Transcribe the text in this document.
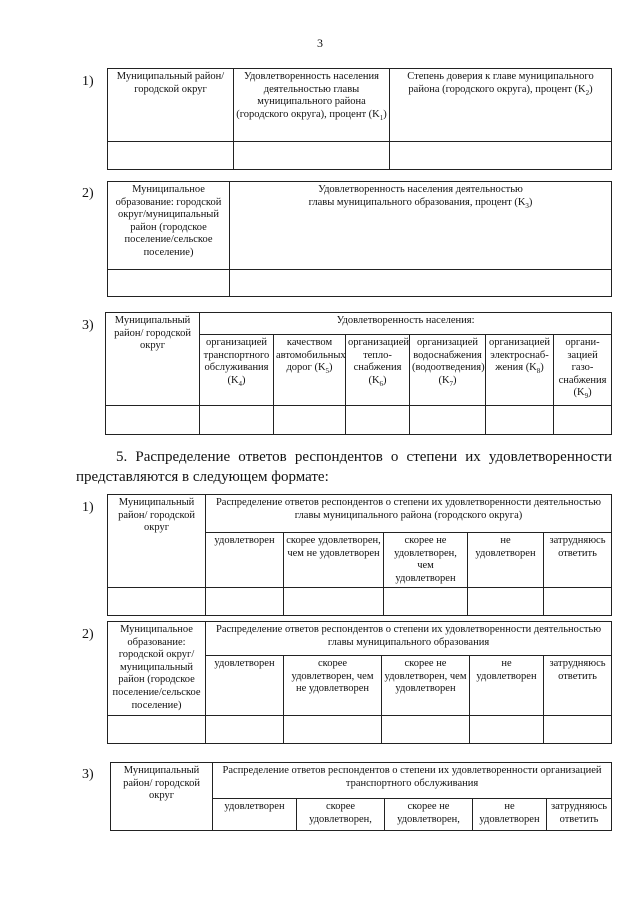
3
1) Муниципальный район/ городской округ	Удовлетворенность населения деятельностью главы муниципального района (городского округа), процент $(K_1)$	Степень доверия к главе муниципального района (городского округа), процент $(K_2)$

2)	Муниципальное образование: городской округ/муниципальный район (городское поселение/сельское поселение)	Удовлетворенность населения деятельностью
главы муниципального образования, процент $(K_3)$

3) Муниципальный район/ городской округ	Удовлетворенность населения:					
	организацией транспортного обслуживания $(K_4)$	качеством автомобильных дорог $(K_5)$	организацией тепло- снабжения $(K_6)$	организацией водоснабжения (водоотведения) $(K_7)$	организацией электроснаб- жения $(K_8)$	органи- зацией газо- снабжения $(K_9)$

5. Распределение ответов респондентов о степени их удовлетворенности

представляются в следующем формате:

1) Муниципальный район/ городской округ	Распределение ответов респондентов о степени их удовлетворенности деятельностью главы муниципального района (городского округа)				
	удовлетворен	скорее удовлетворен, чем не удовлетворен	скорее не удовлетворен, чем удовлетворен	не удовлетворен	затрудняюсь ответить

2)	Муниципальное образование: городской округ/ муниципальный район (городское поселение/сельское поселение)	Распределение ответов респондентов о степени их удовлетворенности деятельностью главы муниципального образования				
	удовлетворен	скорее удовлетворен, чем не удовлетворен	скорее не удовлетворен, чем удовлетворен	не удовлетворен	затрудняюсь ответить

3)	Муниципальный район/ городской округ	Распределение ответов респондентов о степени их удовлетворенности организацией транспортного обслуживания				
	удовлетворен	скорее удовлетворен,	скорее не удовлетворен,	не удовлетворен	затрудняюсь ответить
